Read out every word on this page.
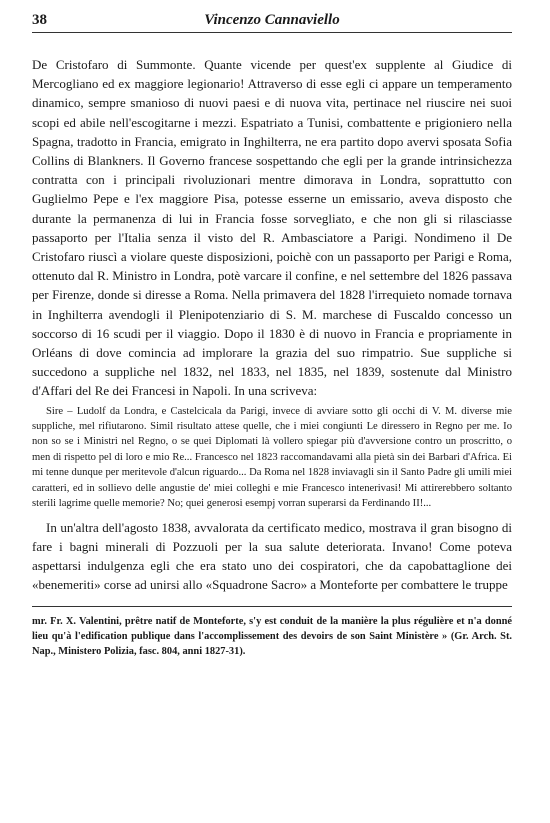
38	Vincenzo Cannaviello

De Cristofaro di Summonte. Quante vicende per quest'ex supplente al Giudice di Mercogliano ed ex maggiore legionario! Attraverso di esse egli ci appare un temperamento dinamico, sempre smanioso di nuovi paesi e di nuova vita, pertinace nel riuscire nei suoi scopi ed abile nell'escogitarne i mezzi. Espatriato a Tunisi, combattente e prigioniero nella Spagna, tradotto in Francia, emigrato in Inghilterra, ne era partito dopo avervi sposata Sofia Collins di Blankners. Il Governo francese sospettando che egli per la grande intrinsichezza contratta con i principali rivoluzionari mentre dimorava in Londra, soprattutto con Guglielmo Pepe e l'ex maggiore Pisa, potesse esserne un emissario, aveva disposto che durante la permanenza di lui in Francia fosse sorvegliato, e che non gli si rilasciasse passaporto per l'Italia senza il visto del R. Ambasciatore a Parigi. Nondimeno il De Cristofaro riuscì a violare queste disposizioni, poichè con un passaporto per Parigi e Roma, ottenuto dal R. Ministro in Londra, potè varcare il confine, e nel settembre del 1826 passava per Firenze, donde si diresse a Roma. Nella primavera del 1828 l'irrequieto nomade tornava in Inghilterra avendogli il Plenipotenziario di S. M. marchese di Fuscaldo concesso un soccorso di 16 scudi per il viaggio. Dopo il 1830 è di nuovo in Francia e propriamente in Orléans di dove comincia ad implorare la grazia del suo rimpatrio. Sue suppliche si succedono a suppliche nel 1832, nel 1833, nel 1835, nel 1839, sostenute dal Ministro d'Affari del Re dei Francesi in Napoli. In una scriveva:

Sire – Ludolf da Londra, e Castelcicala da Parigi, invece di avviare sotto gli occhi di V. M. diverse mie suppliche, mel rifiutarono. Simil risultato attese quelle, che i miei congiunti Le diressero in Regno per me. Io non so se i Ministri nel Regno, o se quei Diplomati là vollero spiegar più d'avversione contro un proscritto, o men di rispetto pel di loro e mio Re... Francesco nel 1823 raccomandavami alla pietà sin dei Barbari d'Africa. Ei mi tenne dunque per meritevole d'alcun riguardo... Da Roma nel 1828 inviavagli sin il Santo Padre gli umili miei caratteri, ed in sollievo delle angustie de' miei colleghi e mie Francesco intenerivasi! Mi attirerebbero soltanto sterili lagrime quelle memorie? No; quei generosi esempj vorran superarsi da Ferdinando II!...

In un'altra dell'agosto 1838, avvalorata da certificato medico, mostrava il gran bisogno di fare i bagni minerali di Pozzuoli per la sua salute deteriorata. Invano! Come poteva aspettarsi indulgenza egli che era stato uno dei cospiratori, che da capobattaglione dei «benemeriti» corse ad unirsi allo «Squadrone Sacro» a Montefortе per combattere le truppe

mr. Fr. X. Valentini, prêtre natif de Monteforte, s'y est conduit de la manière la plus régulière et n'a donné lieu qu'à l'edification publique dans l'accomplissement des devoirs de son Saint Ministère » (Gr. Arch. St. Nap., Ministero Polizia, fasc. 804, anni 1827-31).
